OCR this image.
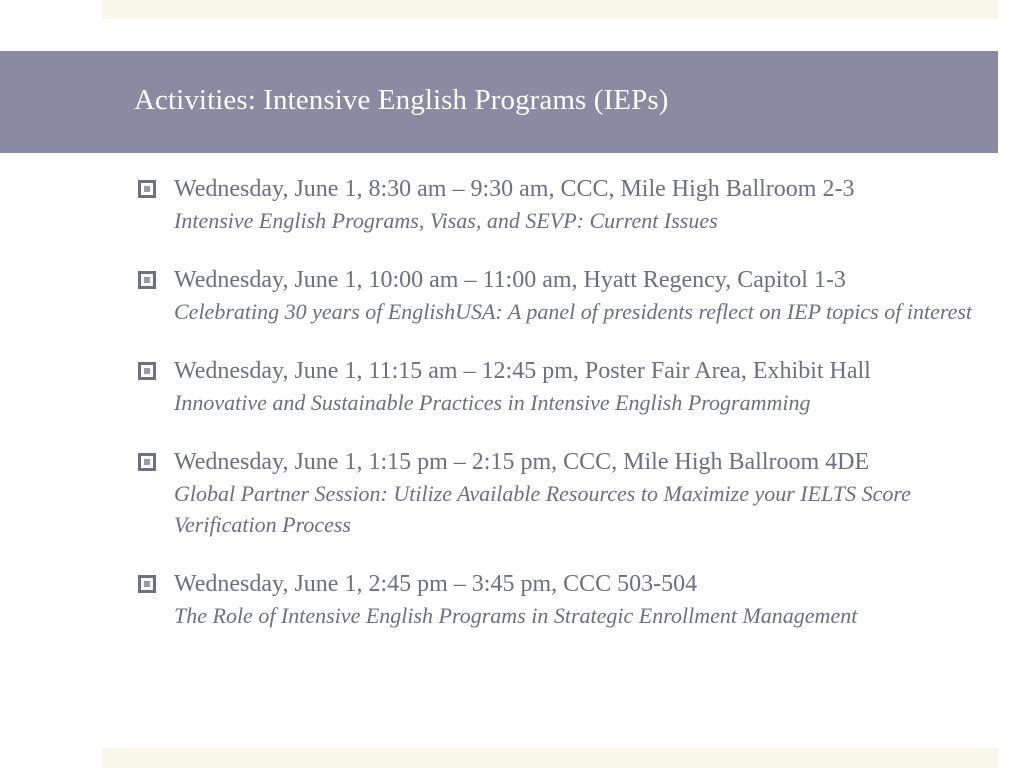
Activities: Intensive English Programs (IEPs)
Wednesday, June 1, 8:30 am – 9:30 am, CCC, Mile High Ballroom 2-3
Intensive English Programs, Visas, and SEVP: Current Issues
Wednesday, June 1, 10:00 am – 11:00 am, Hyatt Regency, Capitol 1-3
Celebrating 30 years of EnglishUSA: A panel of presidents reflect on IEP topics of interest
Wednesday, June 1, 11:15 am – 12:45 pm, Poster Fair Area, Exhibit Hall
Innovative and Sustainable Practices in Intensive English Programming
Wednesday, June 1, 1:15 pm – 2:15 pm, CCC, Mile High Ballroom 4DE
Global Partner Session: Utilize Available Resources to Maximize your IELTS Score Verification Process
Wednesday, June 1, 2:45 pm – 3:45 pm, CCC 503-504
The Role of Intensive English Programs in Strategic Enrollment Management
